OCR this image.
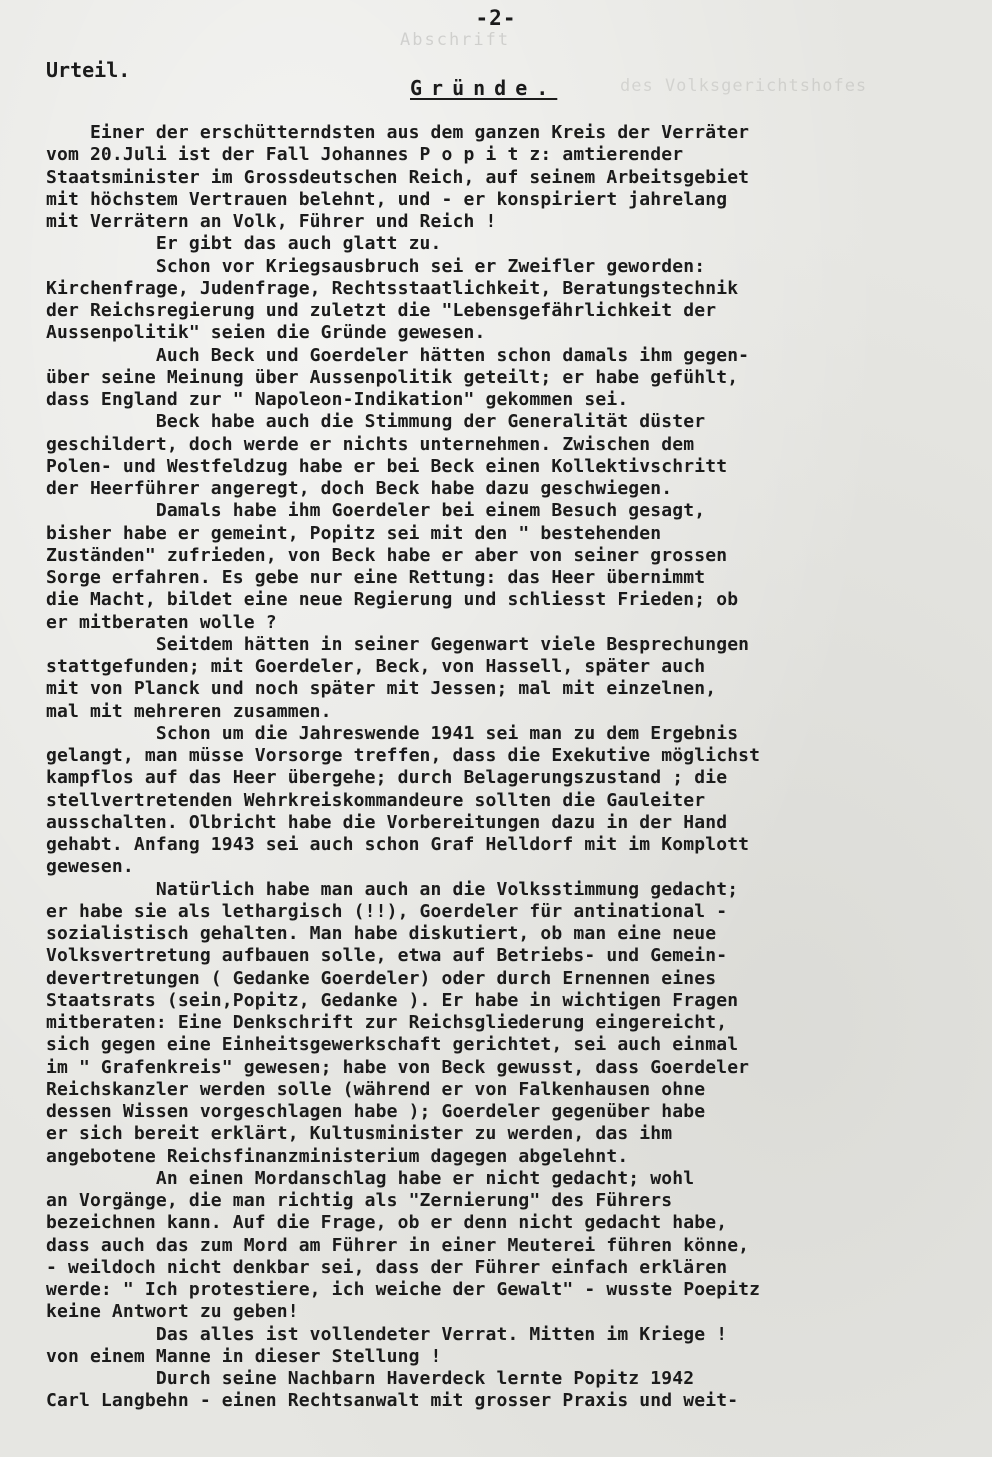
-2-
Abschrift
des Volksgerichtshofes
Urteil.
Gründe.
Einer der erschütterndsten aus dem ganzen Kreis der Verräter
vom 20.Juli ist der Fall Johannes P o p i t z: amtierender
Staatsminister im Grossdeutschen Reich, auf seinem Arbeitsgebiet
mit höchstem Vertrauen belehnt, und - er konspiriert jahrelang
mit Verrätern an Volk, Führer und Reich !
Er gibt das auch glatt zu.
Schon vor Kriegsausbruch sei er Zweifler geworden:
Kirchenfrage, Judenfrage, Rechtsstaatlichkeit, Beratungstechnik
der Reichsregierung und zuletzt die "Lebensgefährlichkeit der
Aussenpolitik" seien die Gründe gewesen.
Auch Beck und Goerdeler hätten schon damals ihm gegen-
über seine Meinung über Aussenpolitik geteilt; er habe gefühlt,
dass England zur " Napoleon-Indikation" gekommen sei.
Beck habe auch die Stimmung der Generalität düster
geschildert, doch werde er nichts unternehmen. Zwischen dem
Polen- und Westfeldzug habe er bei Beck einen Kollektivschritt
der Heerführer angeregt, doch Beck habe dazu geschwiegen.
Damals habe ihm Goerdeler bei einem Besuch gesagt,
bisher habe er gemeint, Popitz sei mit den " bestehenden
Zuständen" zufrieden, von Beck habe er aber von seiner grossen
Sorge erfahren. Es gebe nur eine Rettung: das Heer übernimmt
die Macht, bildet eine neue Regierung und schliesst Frieden; ob
er mitberaten wolle ?
Seitdem hätten in seiner Gegenwart viele Besprechungen
stattgefunden; mit Goerdeler, Beck, von Hassell, später auch
mit von Planck und noch später mit Jessen; mal mit einzelnen,
mal mit mehreren zusammen.
Schon um die Jahreswende 1941 sei man zu dem Ergebnis
gelangt, man müsse Vorsorge treffen, dass die Exekutive möglichst
kampflos auf das Heer übergehe; durch Belagerungszustand ; die
stellvertretenden Wehrkreiskommandeure sollten die Gauleiter
ausschalten. Olbricht habe die Vorbereitungen dazu in der Hand
gehabt. Anfang 1943 sei auch schon Graf Helldorf mit im Komplott
gewesen.
Natürlich habe man auch an die Volksstimmung gedacht;
er habe sie als lethargisch (!!), Goerdeler für antinational -
sozialistisch gehalten. Man habe diskutiert, ob man eine neue
Volksvertretung aufbauen solle, etwa auf Betriebs- und Gemein-
devertretungen ( Gedanke Goerdeler) oder durch Ernennen eines
Staatsrats (sein,Popitz, Gedanke ). Er habe in wichtigen Fragen
mitberaten: Eine Denkschrift zur Reichsgliederung eingereicht,
sich gegen eine Einheitsgewerkschaft gerichtet, sei auch einmal
im " Grafenkreis" gewesen; habe von Beck gewusst, dass Goerdeler
Reichskanzler werden solle (während er von Falkenhausen ohne
dessen Wissen vorgeschlagen habe ); Goerdeler gegenüber habe
er sich bereit erklärt, Kultusminister zu werden, das ihm
angebotene Reichsfinanzministerium dagegen abgelehnt.
An einen Mordanschlag habe er nicht gedacht; wohl
an Vorgänge, die man richtig als "Zernierung" des Führers
bezeichnen kann. Auf die Frage, ob er denn nicht gedacht habe,
dass auch das zum Mord am Führer in einer Meuterei führen könne,
- weildoch nicht denkbar sei, dass der Führer einfach erklären
werde: " Ich protestiere, ich weiche der Gewalt" - wusste Poepitz
keine Antwort zu geben!
Das alles ist vollendeter Verrat. Mitten im Kriege !
von einem Manne in dieser Stellung !
Durch seine Nachbarn Haverdeck lernte Popitz 1942
Carl Langbehn - einen Rechtsanwalt mit grosser Praxis und weit-
